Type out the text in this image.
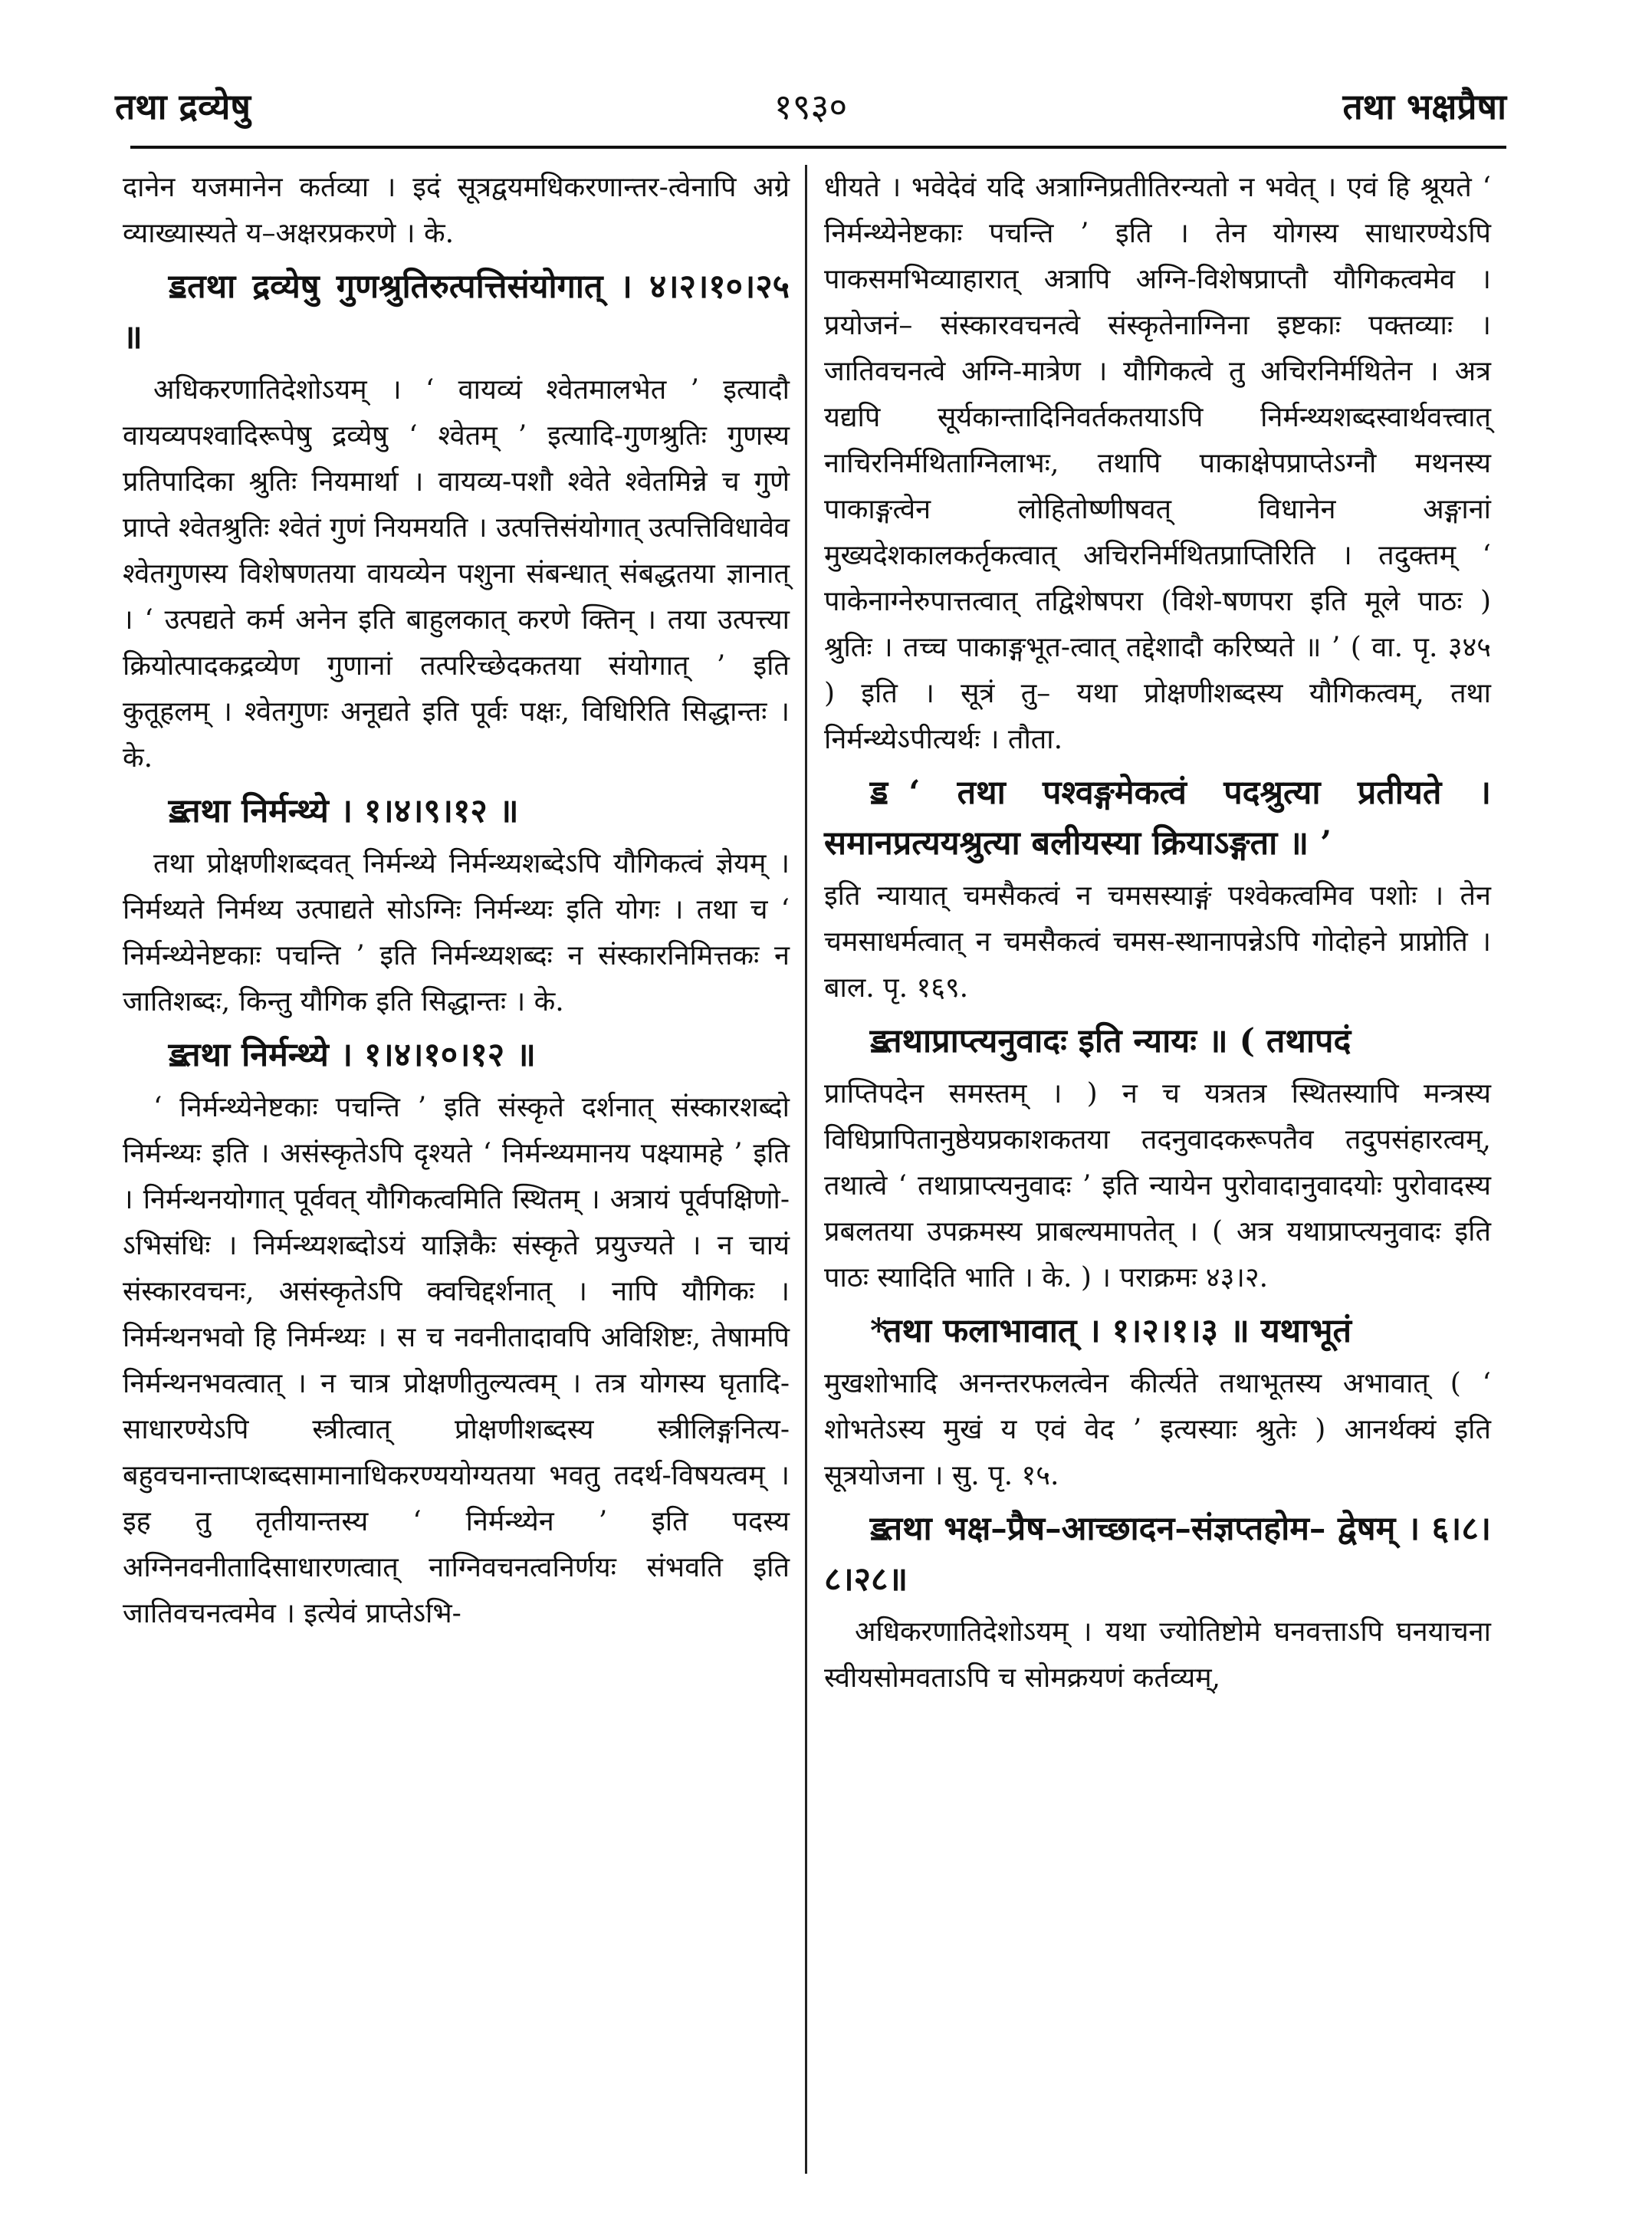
तथा द्रव्येषु	१९३०	तथा भक्षप्रैषा

दानेन यजमानेन कर्तव्या । इदं सूत्रद्वयमधिकरणान्तर-त्वेनापि अग्रे व्याख्यास्यते य–अक्षरप्रकरणे । के.

ॾ तथा द्रव्येषु गुणश्रुतिरुत्पत्तिसंयोगात् । ४।२।१०।२५ ॥

अधिकरणातिदेशोऽयम् । ‘ वायव्यं श्वेतमालभेत ’ इत्यादौ वायव्यपश्वादिरूपेषु द्रव्येषु ‘ श्वेतम् ’ इत्यादि-गुणश्रुतिः गुणस्य प्रतिपादिका श्रुतिः नियमार्था । वायव्य-पशौ श्वेते श्वेतमिन्ने च गुणे प्राप्ते श्वेतश्रुतिः श्वेतं गुणं नियमयति । उत्पत्तिसंयोगात् उत्पत्तिविधावेव श्वेतगुणस्य विशेषणतया वायव्येन पशुना संबन्धात् संबद्धतया ज्ञानात् । ‘ उत्पद्यते कर्म अनेन इति बाहुलकात् करणे क्तिन् । तया उत्पत्त्या क्रियोत्पादकद्रव्येण गुणानां तत्परिच्छेदकतया संयोगात् ’ इति कुतूहलम् । श्वेतगुणः अनूद्यते इति पूर्वः पक्षः, विधिरिति सिद्धान्तः । के.

ॾ तथा निर्मन्थ्ये । १।४।९।१२ ॥

तथा प्रोक्षणीशब्दवत् निर्मन्थ्ये निर्मन्थ्यशब्देऽपि यौगिकत्वं ज्ञेयम् । निर्मथ्यते निर्मथ्य उत्पाद्यते सोऽग्निः निर्मन्थ्यः इति योगः । तथा च ‘ निर्मन्थ्येनेष्टकाः पचन्ति ’ इति निर्मन्थ्यशब्दः न संस्कारनिमित्तकः न जातिशब्दः, किन्तु यौगिक इति सिद्धान्तः । के.

ॾ तथा निर्मन्थ्ये । १।४।१०।१२ ॥

‘ निर्मन्थ्येनेष्टकाः पचन्ति ’ इति संस्कृते दर्शनात् संस्कारशब्दो निर्मन्थ्यः इति । असंस्कृतेऽपि दृश्यते ‘ निर्मन्थ्यमानय पक्ष्यामहे ’ इति । निर्मन्थनयोगात् पूर्ववत् यौगिकत्वमिति स्थितम् । अत्रायं पूर्वपक्षिणो-ऽभिसंधिः । निर्मन्थ्यशब्दोऽयं याज्ञिकैः संस्कृते प्रयुज्यते । न चायं संस्कारवचनः, असंस्कृतेऽपि क्वचिद्दर्शनात् । नापि यौगिकः । निर्मन्थनभवो हि निर्मन्थ्यः । स च नवनीतादावपि अविशिष्टः, तेषामपि निर्मन्थनभवत्वात् । न चात्र प्रोक्षणीतुल्यत्वम् । तत्र योगस्य घृतादि-साधारण्येऽपि स्त्रीत्वात् प्रोक्षणीशब्दस्य स्त्रीलिङ्गनित्य-बहुवचनान्ताप्शब्दसामानाधिकरण्ययोग्यतया भवतु तदर्थ-विषयत्वम् । इह तु तृतीयान्तस्य ‘ निर्मन्थ्येन ’ इति पदस्य अग्निनवनीतादिसाधारणत्वात् नाग्निवचनत्वनिर्णयः संभवति इति जातिवचनत्वमेव । इत्येवं प्राप्तेऽभि-

धीयते । भवेदेवं यदि अत्राग्निप्रतीतिरन्यतो न भवेत् । एवं हि श्रूयते ‘ निर्मन्थ्येनेष्टकाः पचन्ति ’ इति । तेन योगस्य साधारण्येऽपि पाकसमभिव्याहारात् अत्रापि अग्नि-विशेषप्राप्तौ यौगिकत्वमेव । प्रयोजनं– संस्कारवचनत्वे संस्कृतेनाग्निना इष्टकाः पक्तव्याः । जातिवचनत्वे अग्नि-मात्रेण । यौगिकत्वे तु अचिरनिर्मथितेन । अत्र यद्यपि सूर्यकान्तादिनिवर्तकतयाऽपि निर्मन्थ्यशब्दस्वार्थवत्त्वात् नाचिरनिर्मथिताग्निलाभः, तथापि पाकाक्षेपप्राप्तेऽग्नौ मथनस्य पाकाङ्गत्वेन लोहितोष्णीषवत् विधानेन अङ्गानां मुख्यदेशकालकर्तृकत्वात् अचिरनिर्मथितप्राप्तिरिति । तदुक्तम् ‘ पाकेनाग्नेरुपात्तत्वात् तद्विशेषपरा (विशे-षणपरा इति मूले पाठः ) श्रुतिः । तच्च पाकाङ्गभूत-त्वात् तद्देशादौ करिष्यते ॥ ’ ( वा. पृ. ३४५ ) इति । सूत्रं तु– यथा प्रोक्षणीशब्दस्य यौगिकत्वम्, तथा निर्मन्थ्येऽपीत्यर्थः । तौता.

ॾ ‘ तथा पश्वङ्गमेकत्वं पदश्रुत्या प्रतीयते । समानप्रत्ययश्रुत्या बलीयस्या क्रियाऽङ्गता ॥ ’

इति न्यायात् चमसैकत्वं न चमसस्याङ्गं पश्वेकत्वमिव पशोः । तेन चमसाधर्मत्वात् न चमसैकत्वं चमस-स्थानापन्नेऽपि गोदोहने प्राप्नोति । बाल. पृ. १६९.

ॾ तथाप्राप्त्यनुवादः इति न्यायः ॥ ( तथापदं

प्राप्तिपदेन समस्तम् । ) न च यत्रतत्र स्थितस्यापि मन्त्रस्य विधिप्रापितानुष्ठेयप्रकाशकतया तदनुवादकरूपतैव तदुपसंहारत्वम्, तथात्वे ‘ तथाप्राप्त्यनुवादः ’ इति न्यायेन पुरोवादानुवादयोः पुरोवादस्य प्रबलतया उपक्रमस्य प्राबल्यमापतेत् । ( अत्र यथाप्राप्त्यनुवादः इति पाठः स्यादिति भाति । के. ) । पराक्रमः ४३।२.

* तथा फलाभावात् । १।२।१।३ ॥ यथाभूतं

मुखशोभादि अनन्तरफलत्वेन कीर्त्यते तथाभूतस्य अभावात् ( ‘ शोभतेऽस्य मुखं य एवं वेद ’ इत्यस्याः श्रुतेः ) आनर्थक्यं इति सूत्रयोजना । सु. पृ. १५.

ॾ तथा भक्ष–प्रैष–आच्छादन–संज्ञप्तहोम– द्वेषम् । ६।८।८।२८॥

अधिकरणातिदेशोऽयम् । यथा ज्योतिष्टोमे घनवत्ताऽपि घनयाचना स्वीयसोमवताऽपि च सोमक्रयणं कर्तव्यम्,
